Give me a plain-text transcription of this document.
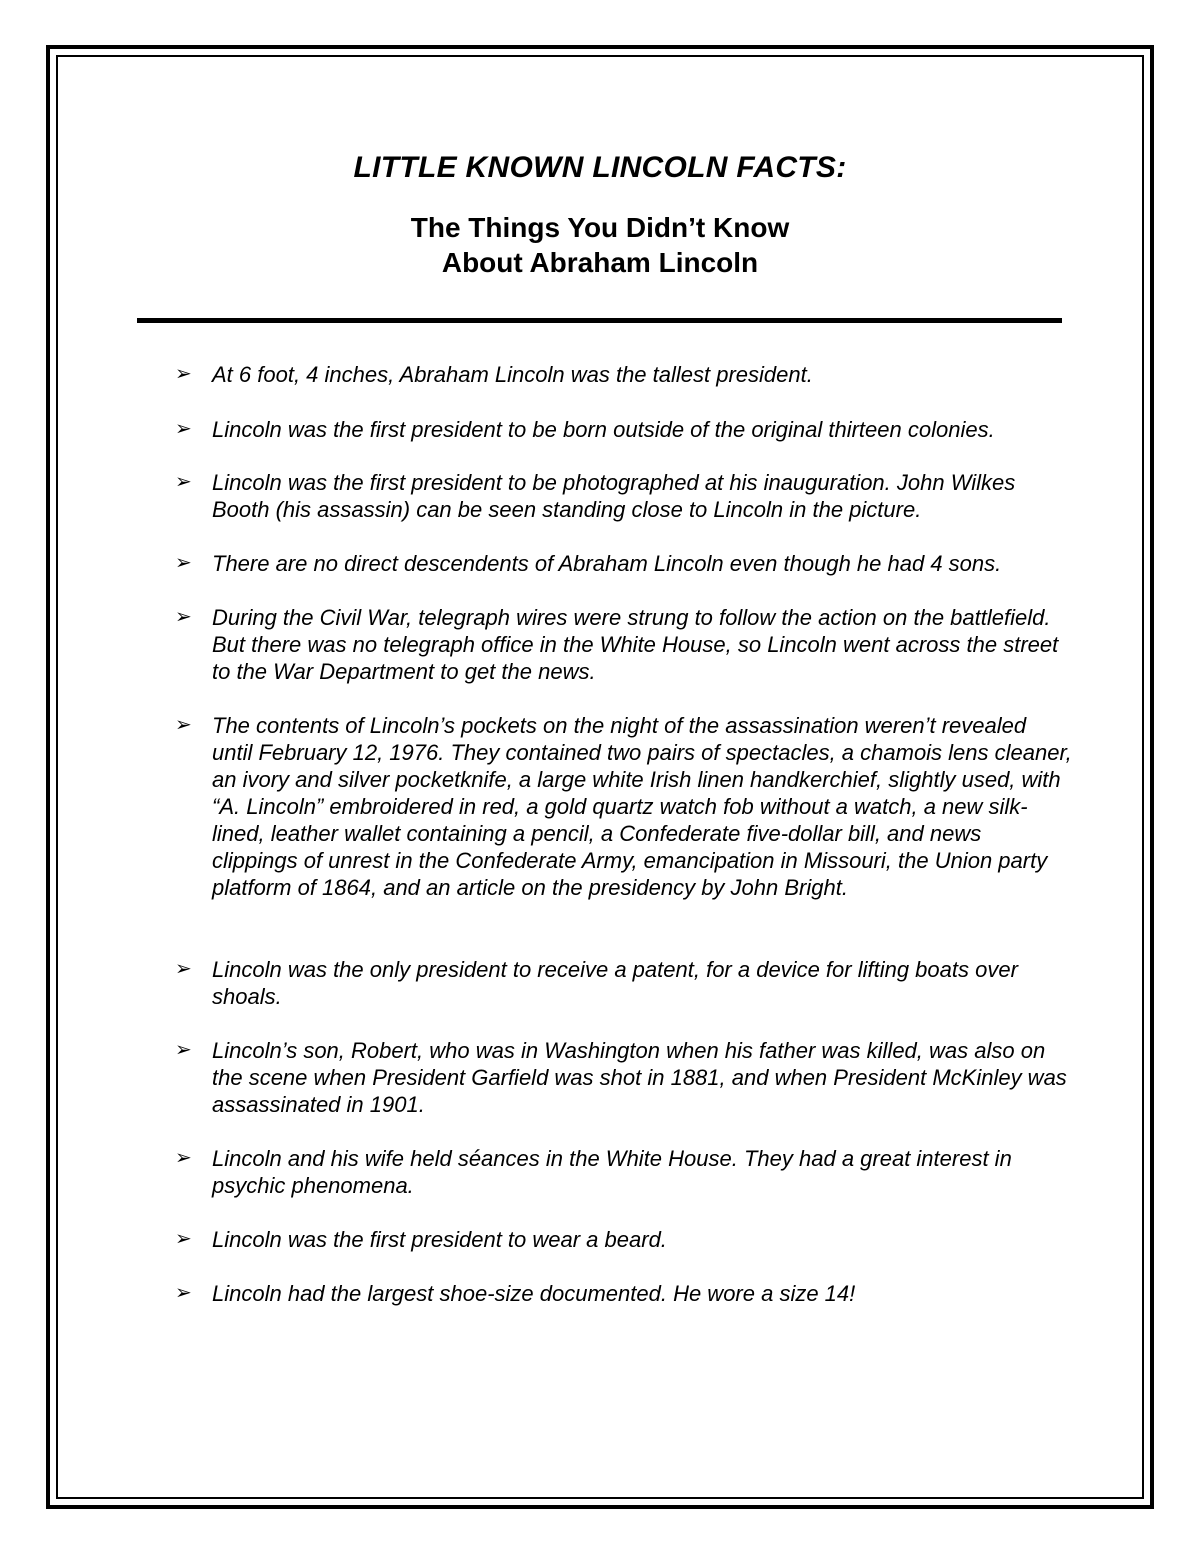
LITTLE KNOWN LINCOLN FACTS:
The Things You Didn’t Know
About Abraham Lincoln
➢ At 6 foot, 4 inches, Abraham Lincoln was the tallest president.
➢ Lincoln was the first president to be born outside of the original thirteen colonies.
➢ Lincoln was the first president to be photographed at his inauguration. John Wilkes Booth (his assassin) can be seen standing close to Lincoln in the picture.
➢ There are no direct descendents of Abraham Lincoln even though he had 4 sons.
➢ During the Civil War, telegraph wires were strung to follow the action on the battlefield. But there was no telegraph office in the White House, so Lincoln went across the street to the War Department to get the news.
➢ The contents of Lincoln’s pockets on the night of the assassination weren’t revealed until February 12, 1976. They contained two pairs of spectacles, a chamois lens cleaner, an ivory and silver pocketknife, a large white Irish linen handkerchief, slightly used, with “A. Lincoln” embroidered in red, a gold quartz watch fob without a watch, a new silk-lined, leather wallet containing a pencil, a Confederate five-dollar bill, and news clippings of unrest in the Confederate Army, emancipation in Missouri, the Union party platform of 1864, and an article on the presidency by John Bright.
➢ Lincoln was the only president to receive a patent, for a device for lifting boats over shoals.
➢ Lincoln’s son, Robert, who was in Washington when his father was killed, was also on the scene when President Garfield was shot in 1881, and when President McKinley was assassinated in 1901.
➢ Lincoln and his wife held séances in the White House. They had a great interest in psychic phenomena.
➢ Lincoln was the first president to wear a beard.
➢ Lincoln had the largest shoe-size documented. He wore a size 14!
